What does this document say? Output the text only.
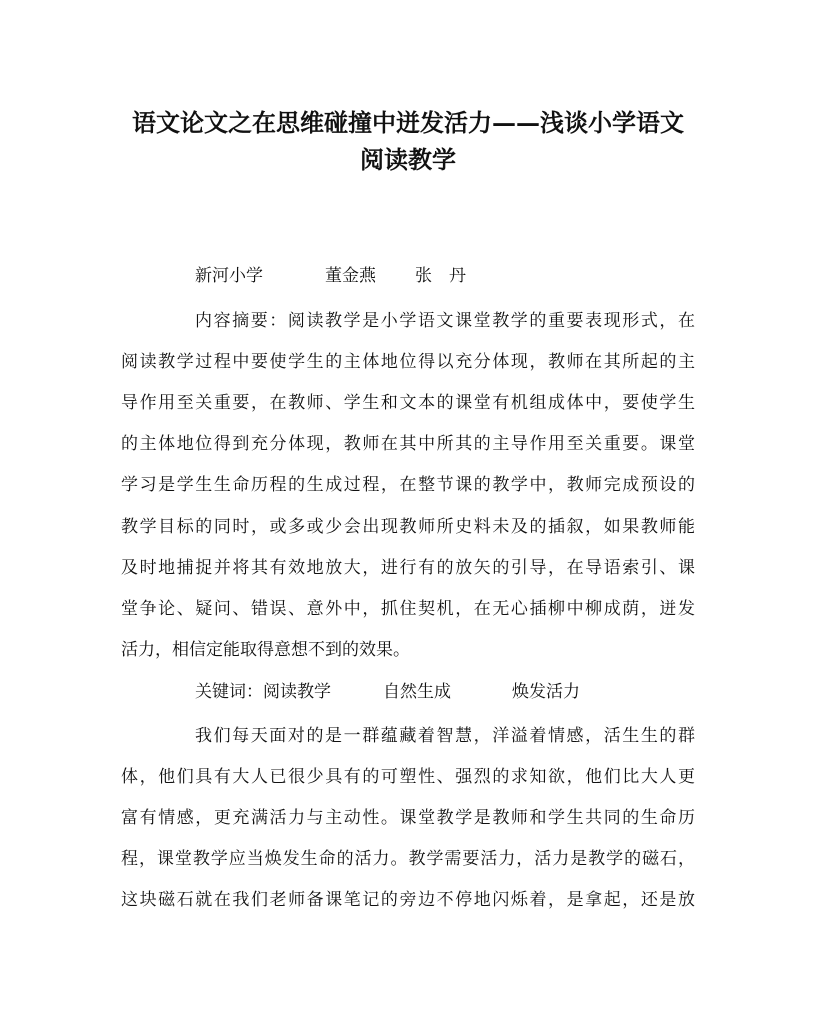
语文论文之在思维碰撞中迸发活力——浅谈小学语文
阅读教学
新河小学	董金燕 张　丹
内容摘要：阅读教学是小学语文课堂教学的重要表现形式，在
阅读教学过程中要使学生的主体地位得以充分体现，教师在其所起的主
导作用至关重要，在教师、学生和文本的课堂有机组成体中，要使学生
的主体地位得到充分体现，教师在其中所其的主导作用至关重要。课堂
学习是学生生命历程的生成过程，在整节课的教学中，教师完成预设的
教学目标的同时，或多或少会出现教师所史料未及的插叙，如果教师能
及时地捕捉并将其有效地放大，进行有的放矢的引导，在导语索引、课
堂争论、疑问、错误、意外中，抓住契机，在无心插柳中柳成荫，迸发
活力，相信定能取得意想不到的效果。
关键词：阅读教学	自然生成	焕发活力
我们每天面对的是一群蕴藏着智慧，洋溢着情感，活生生的群
体，他们具有大人已很少具有的可塑性、强烈的求知欲，他们比大人更
富有情感，更充满活力与主动性。课堂教学是教师和学生共同的生命历
程，课堂教学应当焕发生命的活力。教学需要活力，活力是教学的磁石，
这块磁石就在我们老师备课笔记的旁边不停地闪烁着，是拿起，还是放
